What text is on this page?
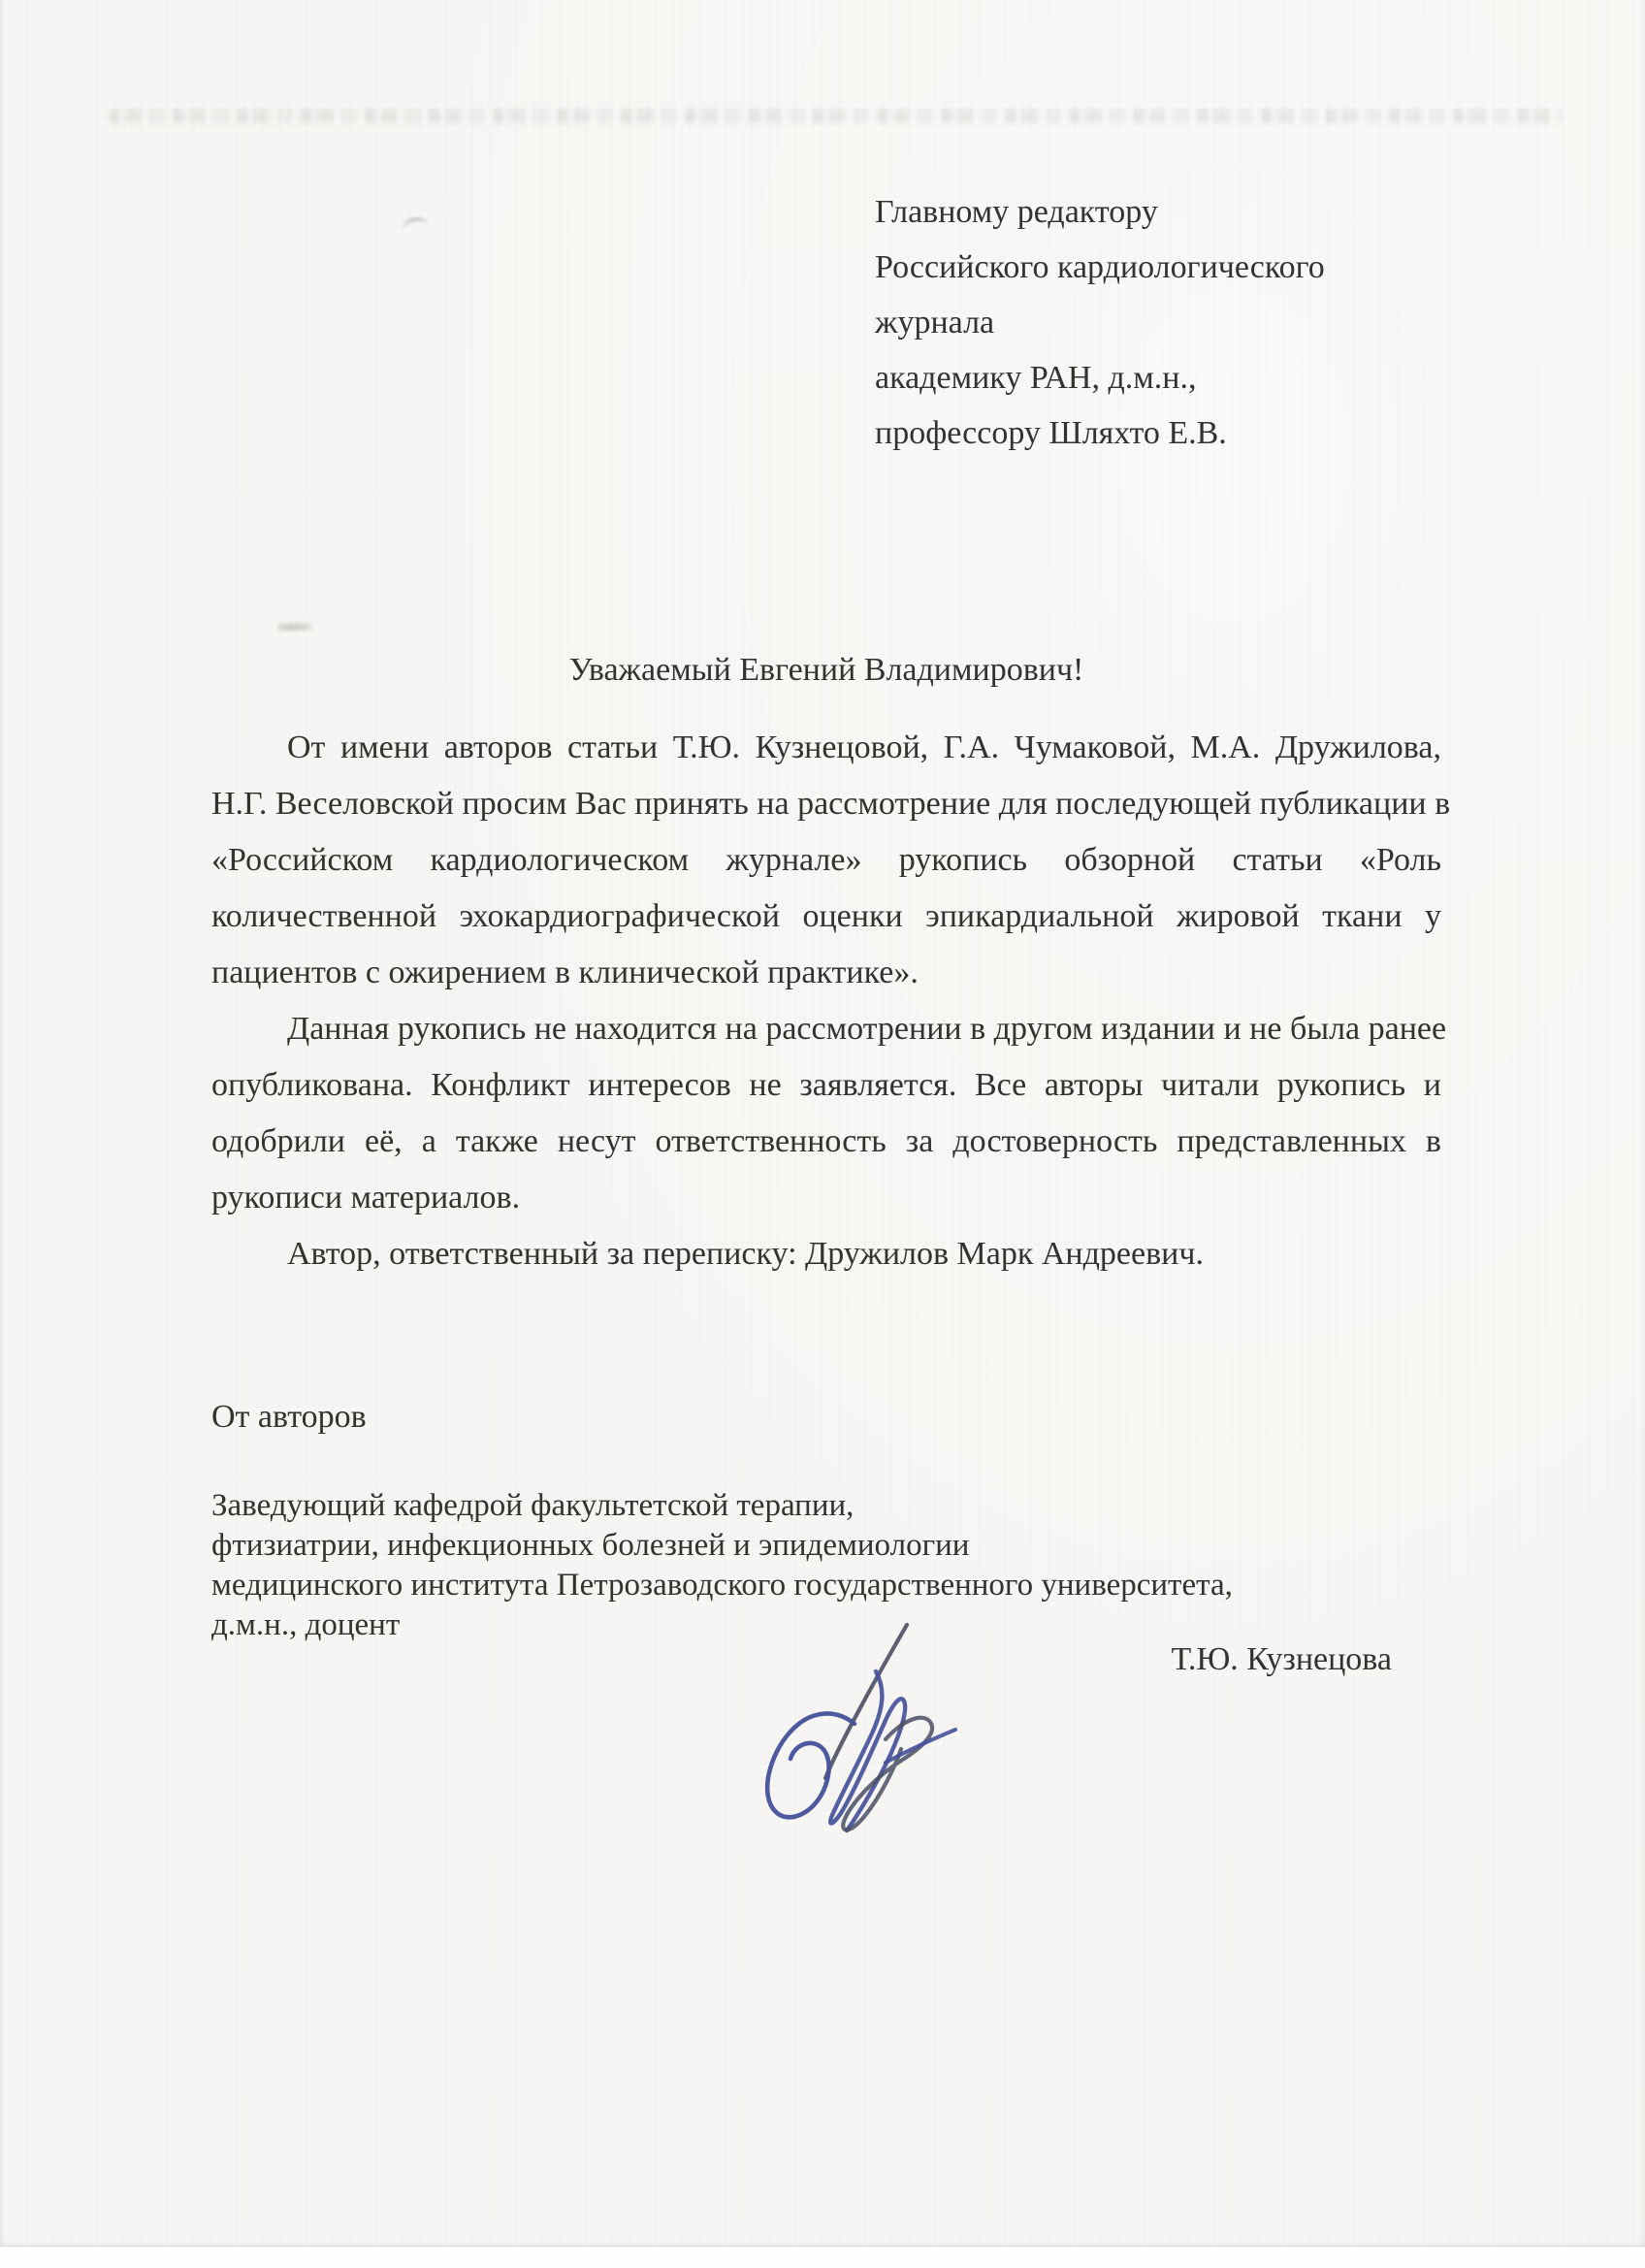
Главному редактору
Российского кардиологического
журнала
академику РАН, д.м.н.,
профессору Шляхто Е.В.
Уважаемый Евгений Владимирович!
От имени авторов статьи Т.Ю. Кузнецовой, Г.А. Чумаковой, М.А. Дружилова,
Н.Г. Веселовской просим Вас принять на рассмотрение для последующей публикации в
«Российском кардиологическом журнале» рукопись обзорной статьи «Роль
количественной эхокардиографической оценки эпикардиальной жировой ткани у
пациентов с ожирением в клинической практике».
Данная рукопись не находится на рассмотрении в другом издании и не была ранее
опубликована. Конфликт интересов не заявляется. Все авторы читали рукопись и
одобрили её, а также несут ответственность за достоверность представленных в
рукописи материалов.
Автор, ответственный за переписку: Дружилов Марк Андреевич.
От авторов
Заведующий кафедрой факультетской терапии,
фтизиатрии, инфекционных болезней и эпидемиологии
медицинского института Петрозаводского государственного университета,
д.м.н., доцент
Т.Ю. Кузнецова
